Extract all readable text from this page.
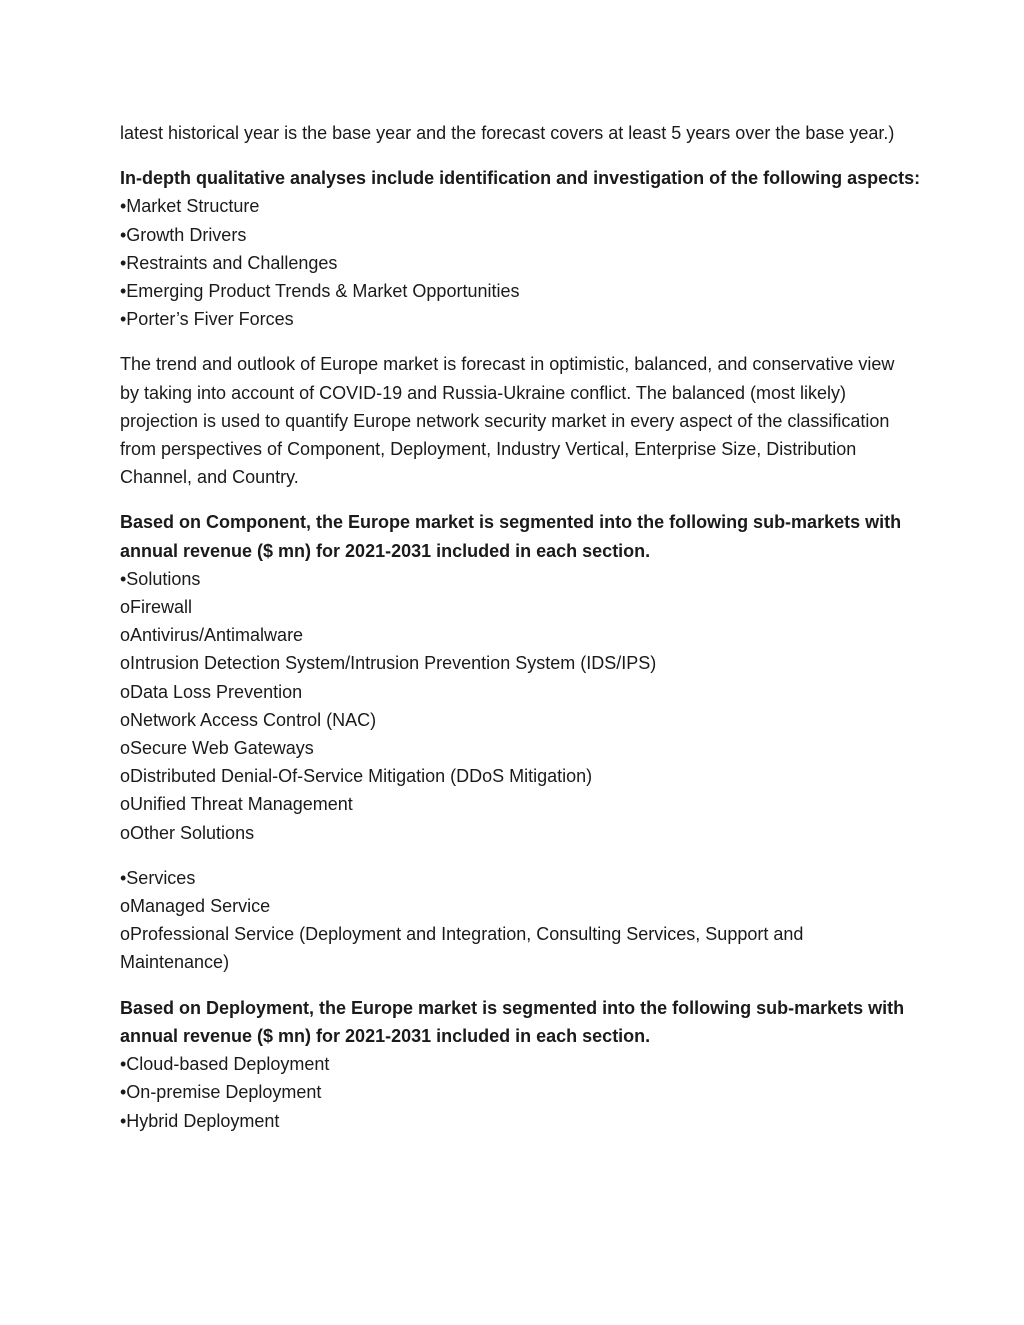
latest historical year is the base year and the forecast covers at least 5 years over the base year.)

In-depth qualitative analyses include identification and investigation of the following aspects:

•Market Structure

•Growth Drivers

•Restraints and Challenges

•Emerging Product Trends & Market Opportunities

•Porter’s Fiver Forces

The trend and outlook of Europe market is forecast in optimistic, balanced, and conservative view by taking into account of COVID-19 and Russia-Ukraine conflict. The balanced (most likely) projection is used to quantify Europe network security market in every aspect of the classification from perspectives of Component, Deployment, Industry Vertical, Enterprise Size, Distribution Channel, and Country.

Based on Component, the Europe market is segmented into the following sub-markets with annual revenue ($ mn) for 2021-2031 included in each section.

•Solutions

oFirewall

oAntivirus/Antimalware

oIntrusion Detection System/Intrusion Prevention System (IDS/IPS)

oData Loss Prevention

oNetwork Access Control (NAC)

oSecure Web Gateways

oDistributed Denial-Of-Service Mitigation (DDoS Mitigation)

oUnified Threat Management

oOther Solutions

•Services

oManaged Service

oProfessional Service (Deployment and Integration, Consulting Services, Support and Maintenance)

Based on Deployment, the Europe market is segmented into the following sub-markets with annual revenue ($ mn) for 2021-2031 included in each section.

•Cloud-based Deployment

•On-premise Deployment

•Hybrid Deployment
